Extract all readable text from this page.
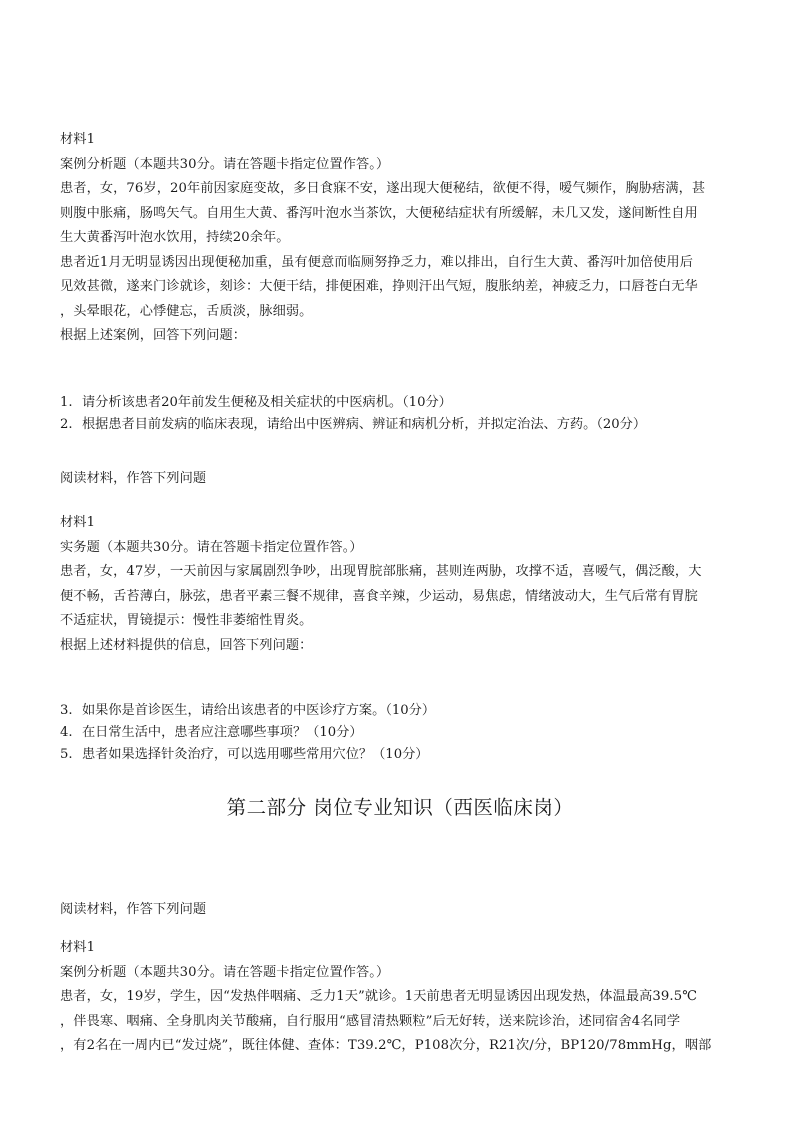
材料1
案例分析题（本题共30分。请在答题卡指定位置作答。）
患者，女，76岁，20年前因家庭变故，多日食寐不安，遂出现大便秘结，欲便不得，嗳气频作，胸胁痞满，甚
则腹中胀痛，肠鸣矢气。自用生大黄、番泻叶泡水当茶饮，大便秘结症状有所缓解，未几又发，遂间断性自用
生大黄番泻叶泡水饮用，持续20余年。
患者近1月无明显诱因出现便秘加重，虽有便意而临厕努挣乏力，难以排出，自行生大黄、番泻叶加倍使用后
见效甚微，遂来门诊就诊，刻诊：大便干结，排便困难，挣则汗出气短，腹胀纳差，神疲乏力，口唇苍白无华
，头晕眼花，心悸健忘，舌质淡，脉细弱。
根据上述案例，回答下列问题：
1. 请分析该患者20年前发生便秘及相关症状的中医病机。（10分）
2. 根据患者目前发病的临床表现，请给出中医辨病、辨证和病机分析，并拟定治法、方药。（20分）
阅读材料，作答下列问题
材料1
实务题（本题共30分。请在答题卡指定位置作答。）
患者，女，47岁，一天前因与家属剧烈争吵，出现胃脘部胀痛，甚则连两胁，攻撑不适，喜嗳气，偶泛酸，大
便不畅，舌苔薄白，脉弦，患者平素三餐不规律，喜食辛辣，少运动，易焦虑，情绪波动大，生气后常有胃脘
不适症状，胃镜提示：慢性非萎缩性胃炎。
根据上述材料提供的信息，回答下列问题：
3. 如果你是首诊医生，请给出该患者的中医诊疗方案。（10分）
4. 在日常生活中，患者应注意哪些事项？（10分）
5. 患者如果选择针灸治疗，可以选用哪些常用穴位？（10分）
第二部分 岗位专业知识（西医临床岗）
阅读材料，作答下列问题
材料1
案例分析题（本题共30分。请在答题卡指定位置作答。）
患者，女，19岁，学生，因“发热伴咽痛、乏力1天”就诊。1天前患者无明显诱因出现发热，体温最高39.5℃
，伴畏寒、咽痛、全身肌肉关节酸痛，自行服用“感冒清热颗粒”后无好转，送来院诊治，述同宿舍4名同学
，有2名在一周内已“发过烧”，既往体健、查体：T39.2℃，P108次分，R21次/分，BP120/78mmHg，咽部
